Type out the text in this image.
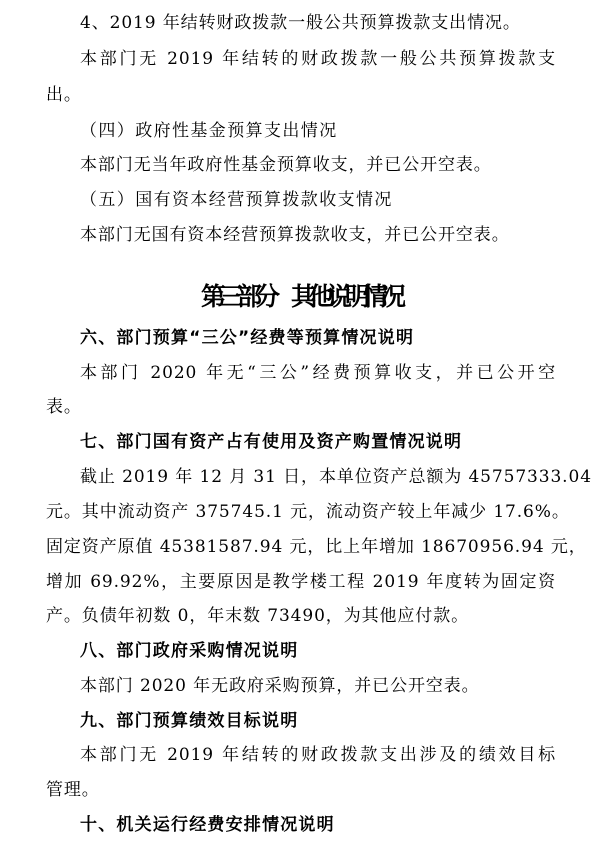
4、2019 年结转财政拨款一般公共预算拨款支出情况。
本部门无 2019 年结转的财政拨款一般公共预算拨款支
出。
（四）政府性基金预算支出情况
本部门无当年政府性基金预算收支，并已公开空表。
（五）国有资本经营预算拨款收支情况
本部门无国有资本经营预算拨款收支，并已公开空表。
第三部分　其他说明情况
六、部门预算“三公”经费等预算情况说明
本部门 2020 年无“三公”经费预算收支，并已公开空
表。
七、部门国有资产占有使用及资产购置情况说明
截止 2019 年 12 月 31 日，本单位资产总额为 45757333.04
元。其中流动资产 375745.1 元，流动资产较上年减少 17.6%。
固定资产原值 45381587.94 元，比上年增加 18670956.94 元，
增加 69.92%，主要原因是教学楼工程 2019 年度转为固定资
产。负债年初数 0，年末数 73490，为其他应付款。
八、部门政府采购情况说明
本部门 2020 年无政府采购预算，并已公开空表。
九、部门预算绩效目标说明
本部门无 2019 年结转的财政拨款支出涉及的绩效目标
管理。
十、机关运行经费安排情况说明
